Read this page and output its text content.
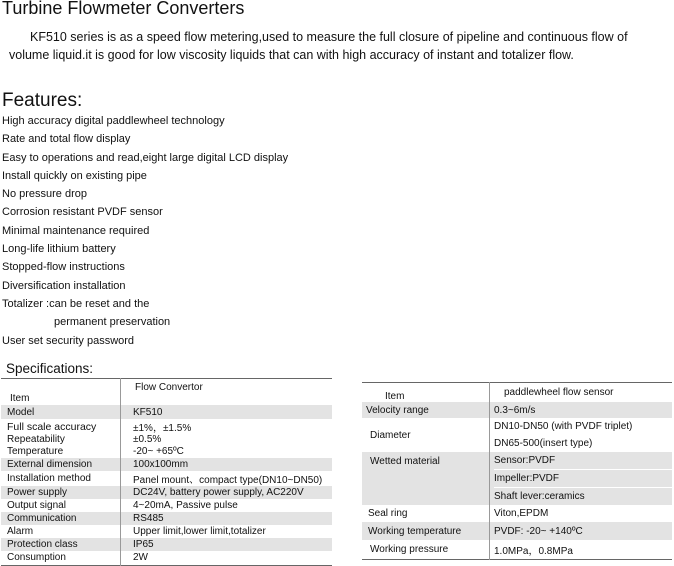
Turbine Flowmeter Converters
KF510 series is as a speed flow metering,used to measure the full closure of pipeline and continuous flow of
volume liquid.it is good for low viscosity liquids that can with high accuracy of instant and totalizer flow.
Features:
High accuracy digital paddlewheel technology
Rate and total flow display
Easy to operations and read,eight large digital LCD display
Install quickly on existing pipe
No pressure drop
Corrosion resistant PVDF sensor
Minimal maintenance required
Long-life lithium battery
Stopped-flow instructions
Diversification installation
Totalizer :can be reset and the
permanent preservation
User set security password
Specifications:
Item	Flow Convertor
Model	KF510
Full scale accuracy	±1%，±1.5%
Repeatability	±0.5%
Temperature	-20~ +65ºC
External dimension	100x100mm
Installation method	Panel mount、compact type(DN10~DN50)
Power supply	DC24V, battery power supply, AC220V
Output signal	4~20mA, Passive pulse
Communication	RS485
Alarm	Upper limit,lower limit,totalizer
Protection class	IP65
Consumption	2W
Item	paddlewheel flow sensor
Velocity range	0.3~6m/s
Diameter	DN10-DN50 (with PVDF triplet)
DN65-500(insert type)

Wetted material	Sensor:PVDF
Impeller:PVDF
Shaft lever:ceramics

Seal ring	Viton,EPDM
Working temperature	PVDF: -20~ +140ºC
Working pressure	1.0MPa，0.8MPa
